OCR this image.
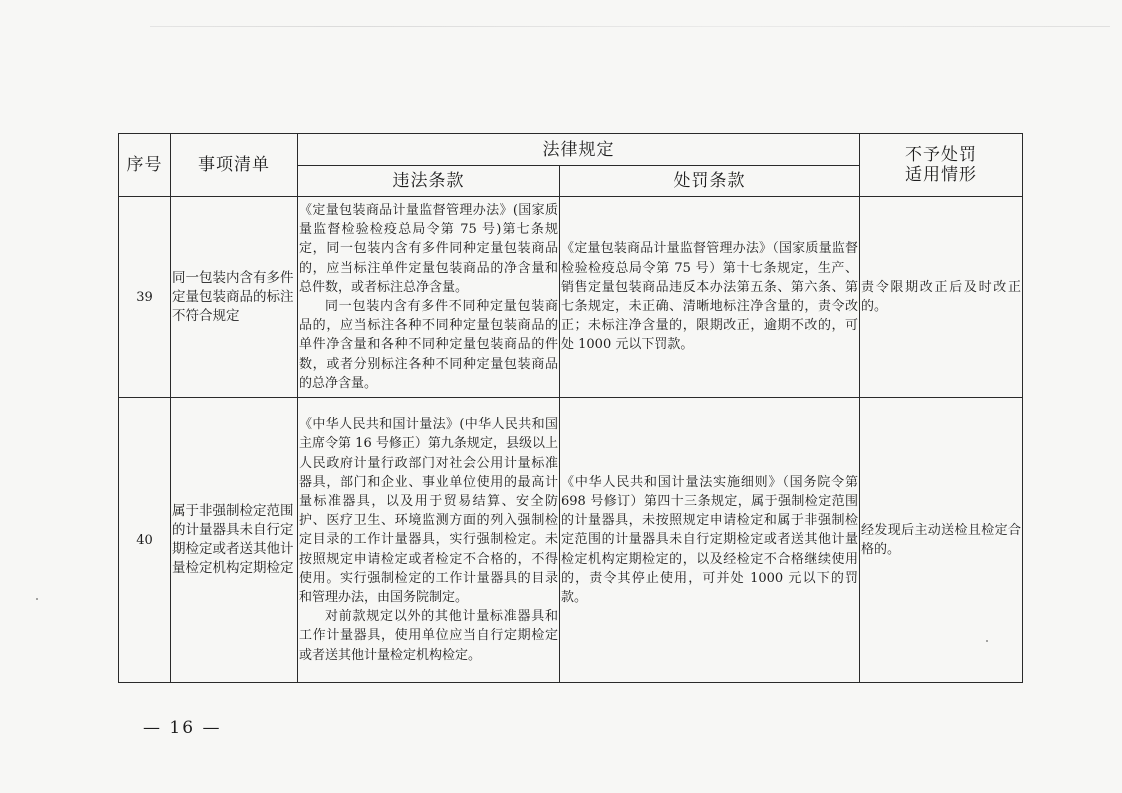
序号	事项清单	法律规定		不予处罚
适用情形
		违法条款	处罚条款	
39	同一包装内含有多件定量包装商品的标注不符合规定	《定量包装商品计量监督管理办法》(国家质量监督检验检疫总局令第 75 号)第七条规定，同一包装内含有多件同种定量包装商品的，应当标注单件定量包装商品的净含量和总件数，或者标注总净含量。

同一包装内含有多件不同种定量包装商品的，应当标注各种不同种定量包装商品的单件净含量和各种不同种定量包装商品的件数，或者分别标注各种不同种定量包装商品的总净含量。	《定量包装商品计量监督管理办法》（国家质量监督检验检疫总局令第 75 号）第十七条规定，生产、销售定量包装商品违反本办法第五条、第六条、第七条规定，未正确、清晰地标注净含量的，责令改正；未标注净含量的，限期改正，逾期不改的，可处 1000 元以下罚款。	责令限期改正后及时改正的。
40	属于非强制检定范围的计量器具未自行定期检定或者送其他计量检定机构定期检定	《中华人民共和国计量法》(中华人民共和国主席令第 16 号修正）第九条规定，县级以上人民政府计量行政部门对社会公用计量标准器具，部门和企业、事业单位使用的最高计量标准器具，以及用于贸易结算、安全防护、医疗卫生、环境监测方面的列入强制检定目录的工作计量器具，实行强制检定。未按照规定申请检定或者检定不合格的，不得使用。实行强制检定的工作计量器具的目录和管理办法，由国务院制定。

对前款规定以外的其他计量标准器具和工作计量器具，使用单位应当自行定期检定或者送其他计量检定机构检定。	《中华人民共和国计量法实施细则》（国务院令第 698 号修订）第四十三条规定，属于强制检定范围的计量器具，未按照规定申请检定和属于非强制检定范围的计量器具未自行定期检定或者送其他计量检定机构定期检定的，以及经检定不合格继续使用的，责令其停止使用，可并处 1000 元以下的罚款。	经发现后主动送检且检定合格的。
— 16 —
